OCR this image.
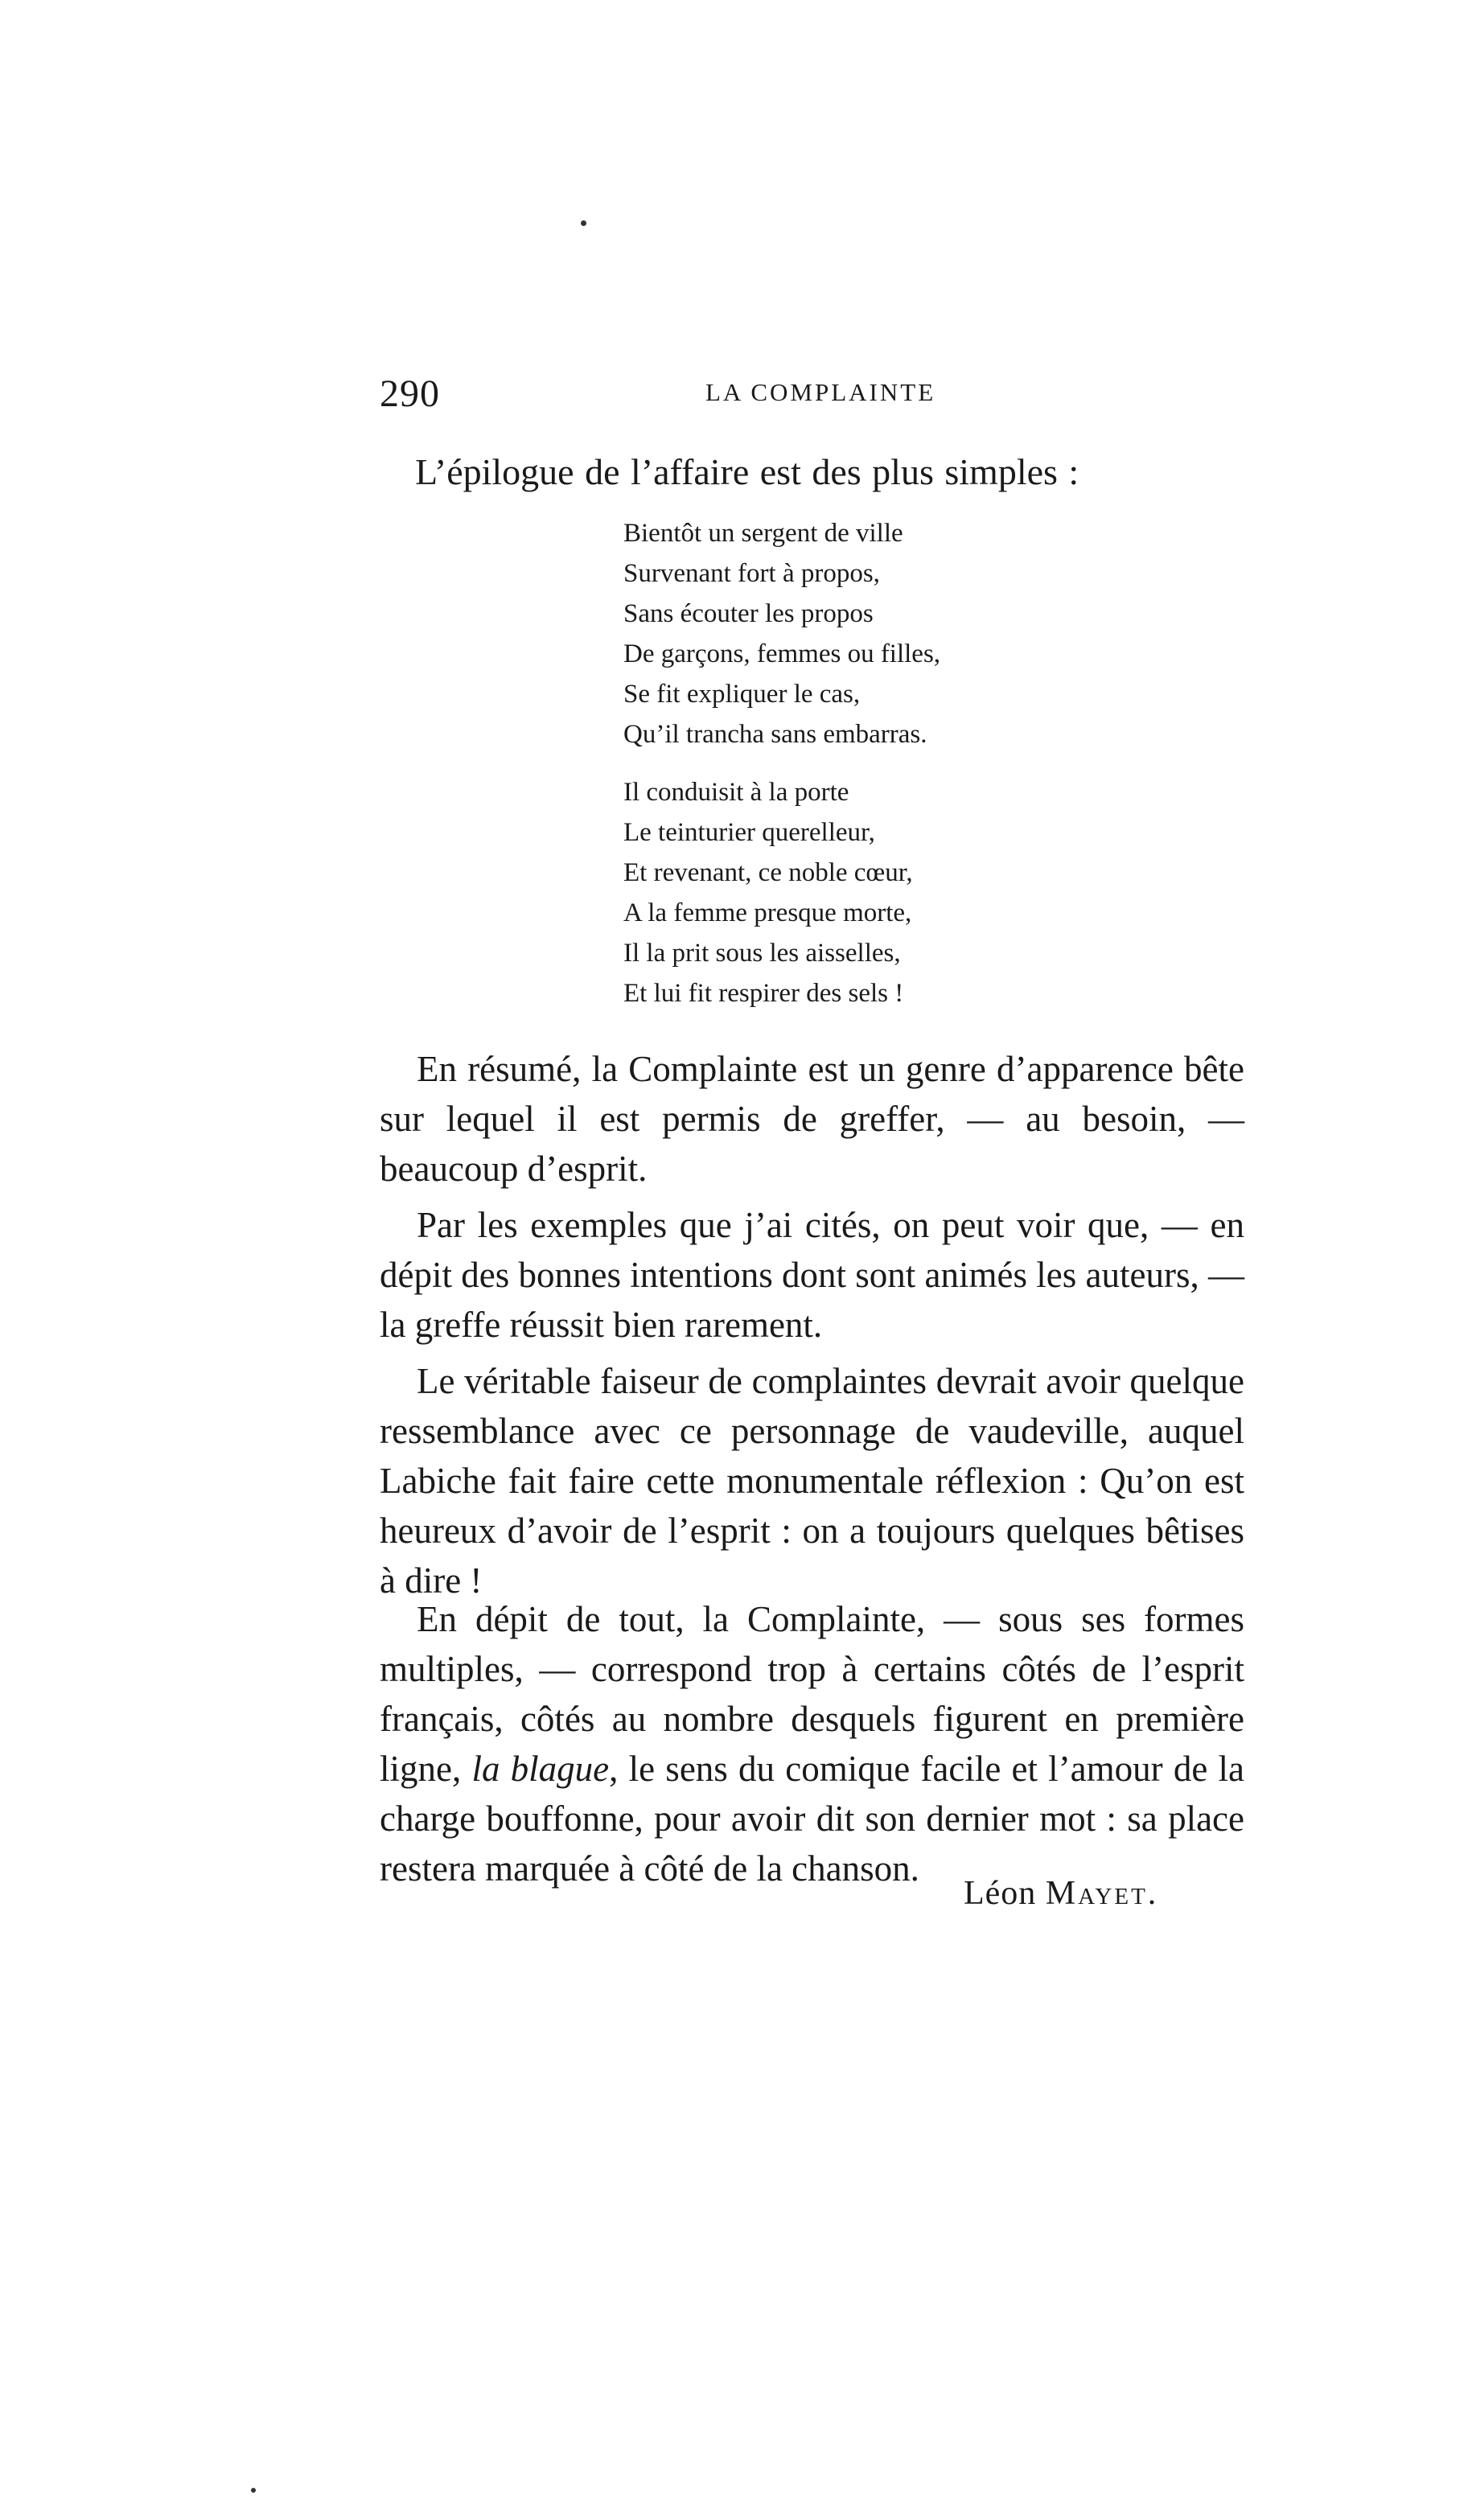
290	LA COMPLAINTE
L’épilogue de l’affaire est des plus simples :
Bientôt un sergent de ville
Survenant fort à propos,
Sans écouter les propos
De garçons, femmes ou filles,
Se fit expliquer le cas,
Qu’il trancha sans embarras.
Il conduisit à la porte
Le teinturier querelleur,
Et revenant, ce noble cœur,
A la femme presque morte,
Il la prit sous les aisselles,
Et lui fit respirer des sels !

En résumé, la Complainte est un genre d’apparence bête sur lequel il est permis de greffer, — au besoin, — beaucoup d’esprit.

Par les exemples que j’ai cités, on peut voir que, — en dépit des bonnes intentions dont sont animés les auteurs, — la greffe réussit bien rarement.

Le véritable faiseur de complaintes devrait avoir quelque ressemblance avec ce personnage de vaudeville, auquel Labiche fait faire cette monumentale réflexion : Qu’on est heureux d’avoir de l’esprit : on a toujours quelques bêtises à dire !

En dépit de tout, la Complainte, — sous ses formes multiples, — correspond trop à certains côtés de l’esprit français, côtés au nombre desquels figurent en première ligne, la blague, le sens du comique facile et l’amour de la charge bouffonne, pour avoir dit son dernier mot : sa place restera marquée à côté de la chanson.

Léon Mayet.
